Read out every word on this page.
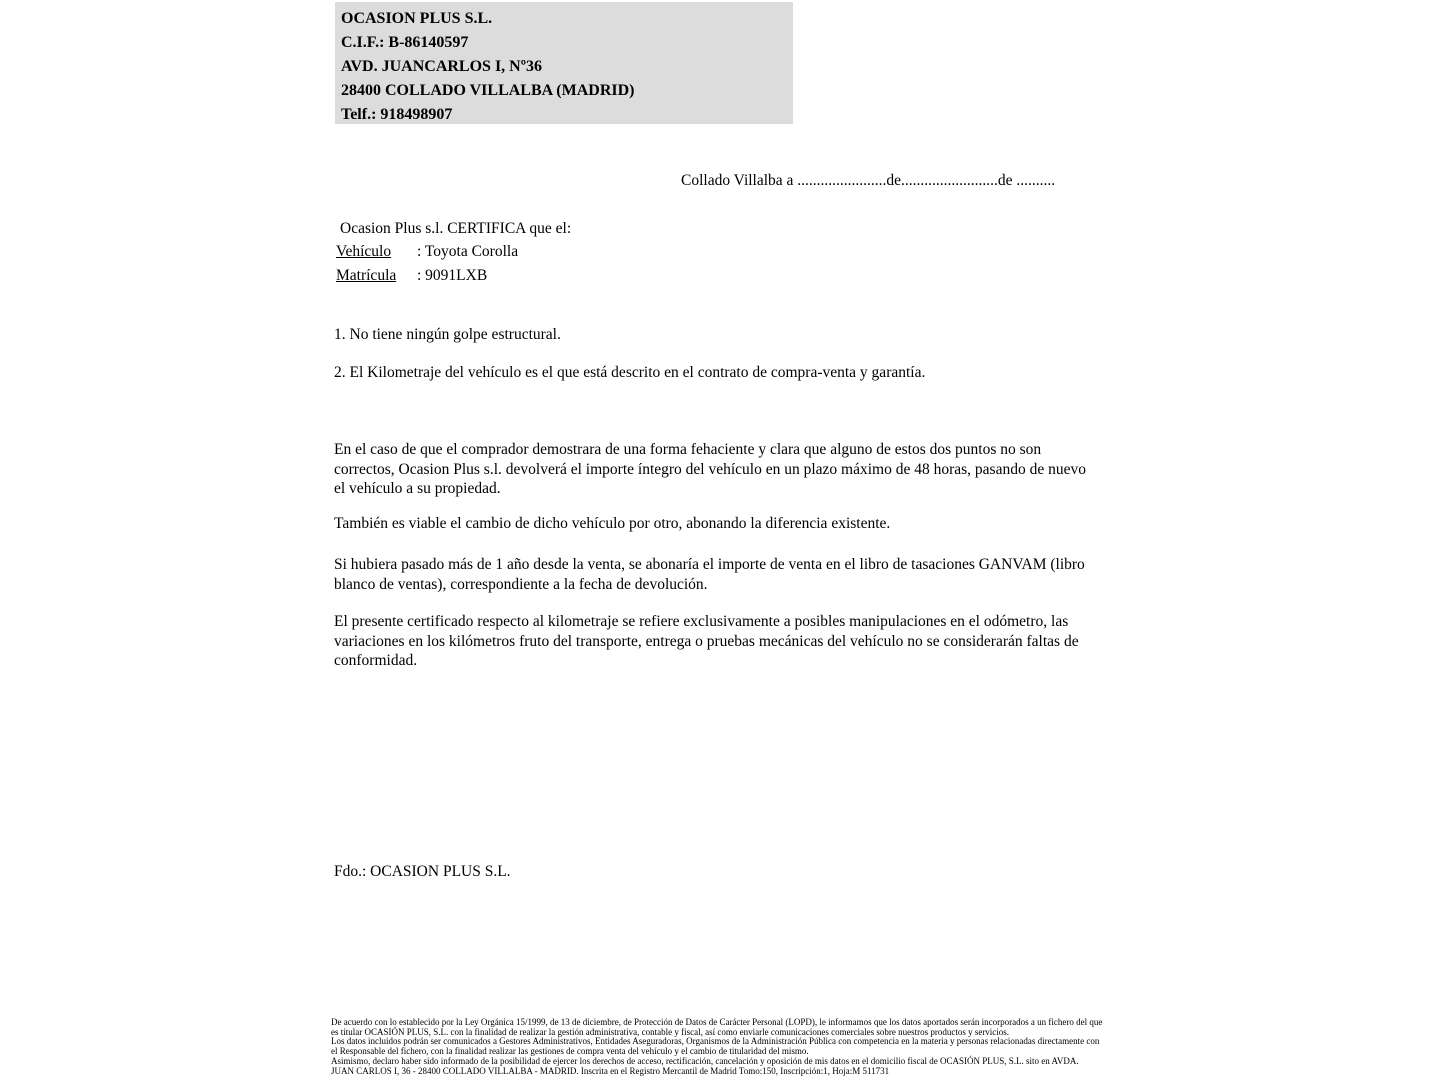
OCASION PLUS S.L.
C.I.F.: B-86140597
AVD. JUANCARLOS I, Nº36
28400 COLLADO VILLALBA (MADRID)
Telf.: 918498907
Collado Villalba a .......................de.........................de ..........
Ocasion Plus s.l. CERTIFICA que el:
Vehículo : Toyota Corolla
Matrícula : 9091LXB
1. No tiene ningún golpe estructural.
2. El Kilometraje del vehículo es el que está descrito en el contrato de compra-venta y garantía.
En el caso de que el comprador demostrara de una forma fehaciente y clara que alguno de estos dos puntos no son correctos, Ocasion Plus s.l. devolverá el importe íntegro del vehículo en un plazo máximo de 48 horas, pasando de nuevo el vehículo a su propiedad.
También es viable el cambio de dicho vehículo por otro, abonando la diferencia existente.
Si hubiera pasado más de 1 año desde la venta, se abonaría el importe de venta en el libro de tasaciones GANVAM (libro blanco de ventas), correspondiente a la fecha de devolución.
El presente certificado respecto al kilometraje se refiere exclusivamente a posibles manipulaciones en el odómetro, las variaciones en los kilómetros fruto del transporte, entrega o pruebas mecánicas del vehículo no se considerarán faltas de conformidad.
Fdo.: OCASION PLUS S.L.

De acuerdo con lo establecido por la Ley Orgánica 15/1999, de 13 de diciembre, de Protección de Datos de Carácter Personal (LOPD), le informamos que los datos aportados serán incorporados a un fichero del que es titular OCASIÓN PLUS, S.L. con la finalidad de realizar la gestión administrativa, contable y fiscal, así como enviarle comunicaciones comerciales sobre nuestros productos y servicios.

Los datos incluidos podrán ser comunicados a Gestores Administrativos, Entidades Aseguradoras, Organismos de la Administración Pública con competencia en la materia y personas relacionadas directamente con el Responsable del fichero, con la finalidad realizar las gestiones de compra venta del vehículo y el cambio de titularidad del mismo.

Asimismo, declaro haber sido informado de la posibilidad de ejercer los derechos de acceso, rectificación, cancelación y oposición de mis datos en el domicilio fiscal de OCASIÓN PLUS, S.L. sito en AVDA. JUAN CARLOS I, 36 - 28400 COLLADO VILLALBA - MADRID. Inscrita en el Registro Mercantil de Madrid Tomo:150, Inscripción:1, Hoja:M 511731
